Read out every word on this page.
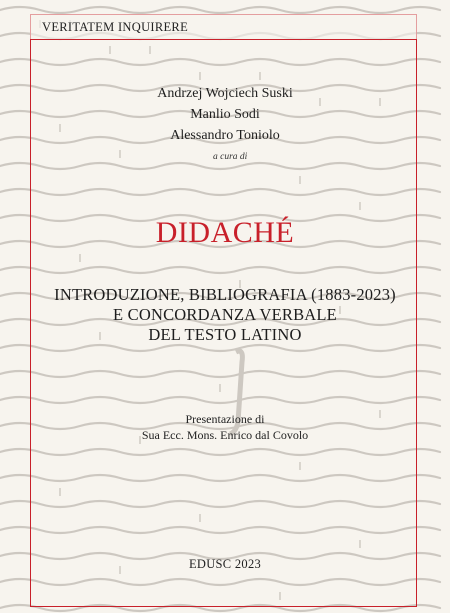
VERITATEM INQUIRERE
Andrzej Wojciech Suski
Manlio Sodi
Alessandro Toniolo
a cura di
DIDACHÉ
INTRODUZIONE, BIBLIOGRAFIA (1883-2023)
E CONCORDANZA VERBALE
DEL TESTO LATINO
Presentazione di
Sua Ecc. Mons. Enrico dal Covolo
EDUSC 2023
